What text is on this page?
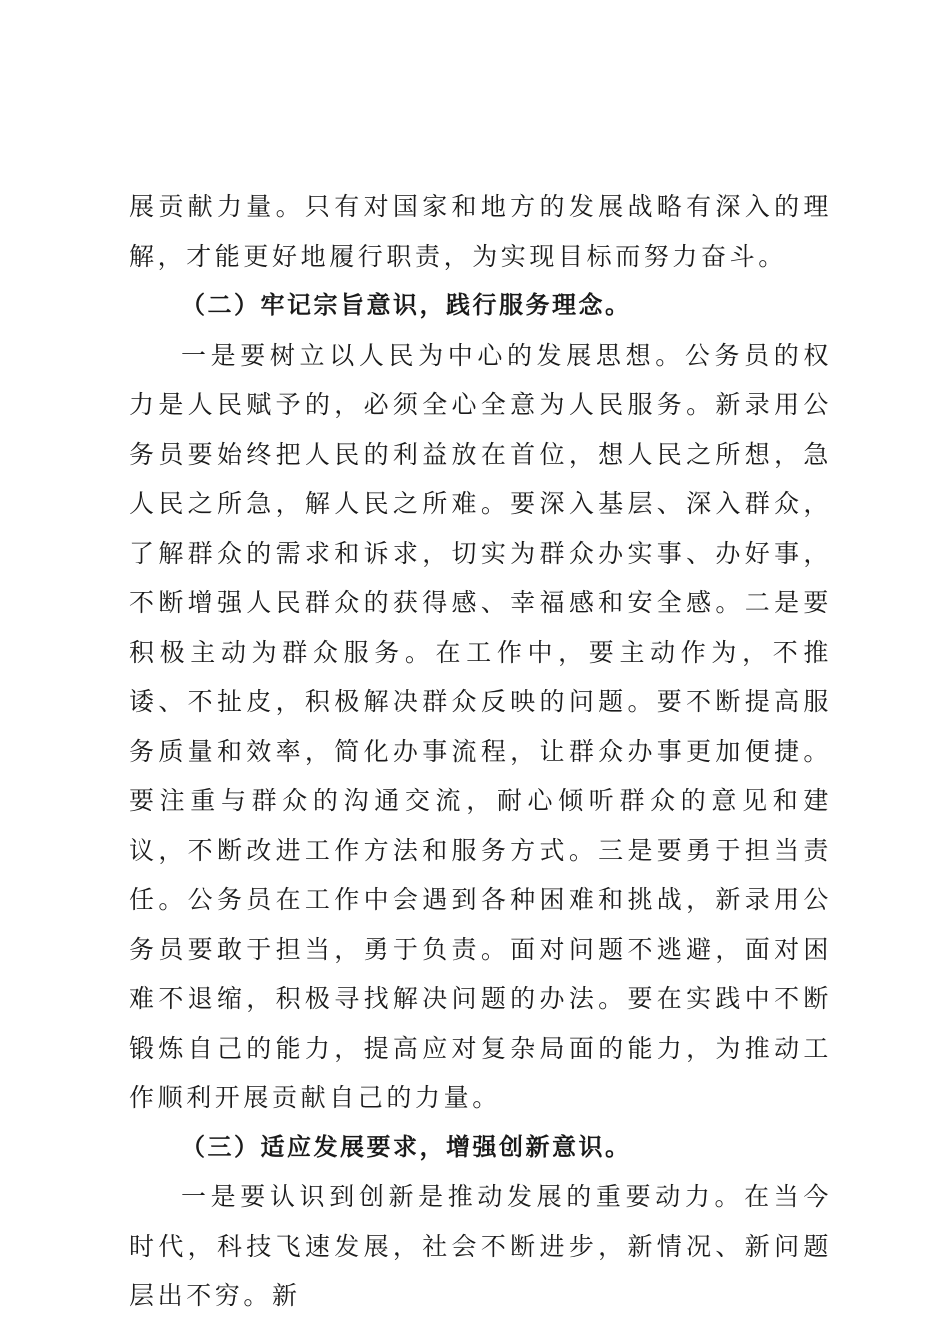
展贡献力量。只有对国家和地方的发展战略有深入的理解，才能更好地履行职责，为实现目标而努力奋斗。

（二）牢记宗旨意识，践行服务理念。

一是要树立以人民为中心的发展思想。公务员的权力是人民赋予的，必须全心全意为人民服务。新录用公务员要始终把人民的利益放在首位，想人民之所想，急人民之所急，解人民之所难。要深入基层、深入群众，了解群众的需求和诉求，切实为群众办实事、办好事，不断增强人民群众的获得感、幸福感和安全感。二是要积极主动为群众服务。在工作中，要主动作为，不推诿、不扯皮，积极解决群众反映的问题。要不断提高服务质量和效率，简化办事流程，让群众办事更加便捷。要注重与群众的沟通交流，耐心倾听群众的意见和建议，不断改进工作方法和服务方式。三是要勇于担当责任。公务员在工作中会遇到各种困难和挑战，新录用公务员要敢于担当，勇于负责。面对问题不逃避，面对困难不退缩，积极寻找解决问题的办法。要在实践中不断锻炼自己的能力，提高应对复杂局面的能力，为推动工作顺利开展贡献自己的力量。

（三）适应发展要求，增强创新意识。

一是要认识到创新是推动发展的重要动力。在当今时代，科技飞速发展，社会不断进步，新情况、新问题层出不穷。新
